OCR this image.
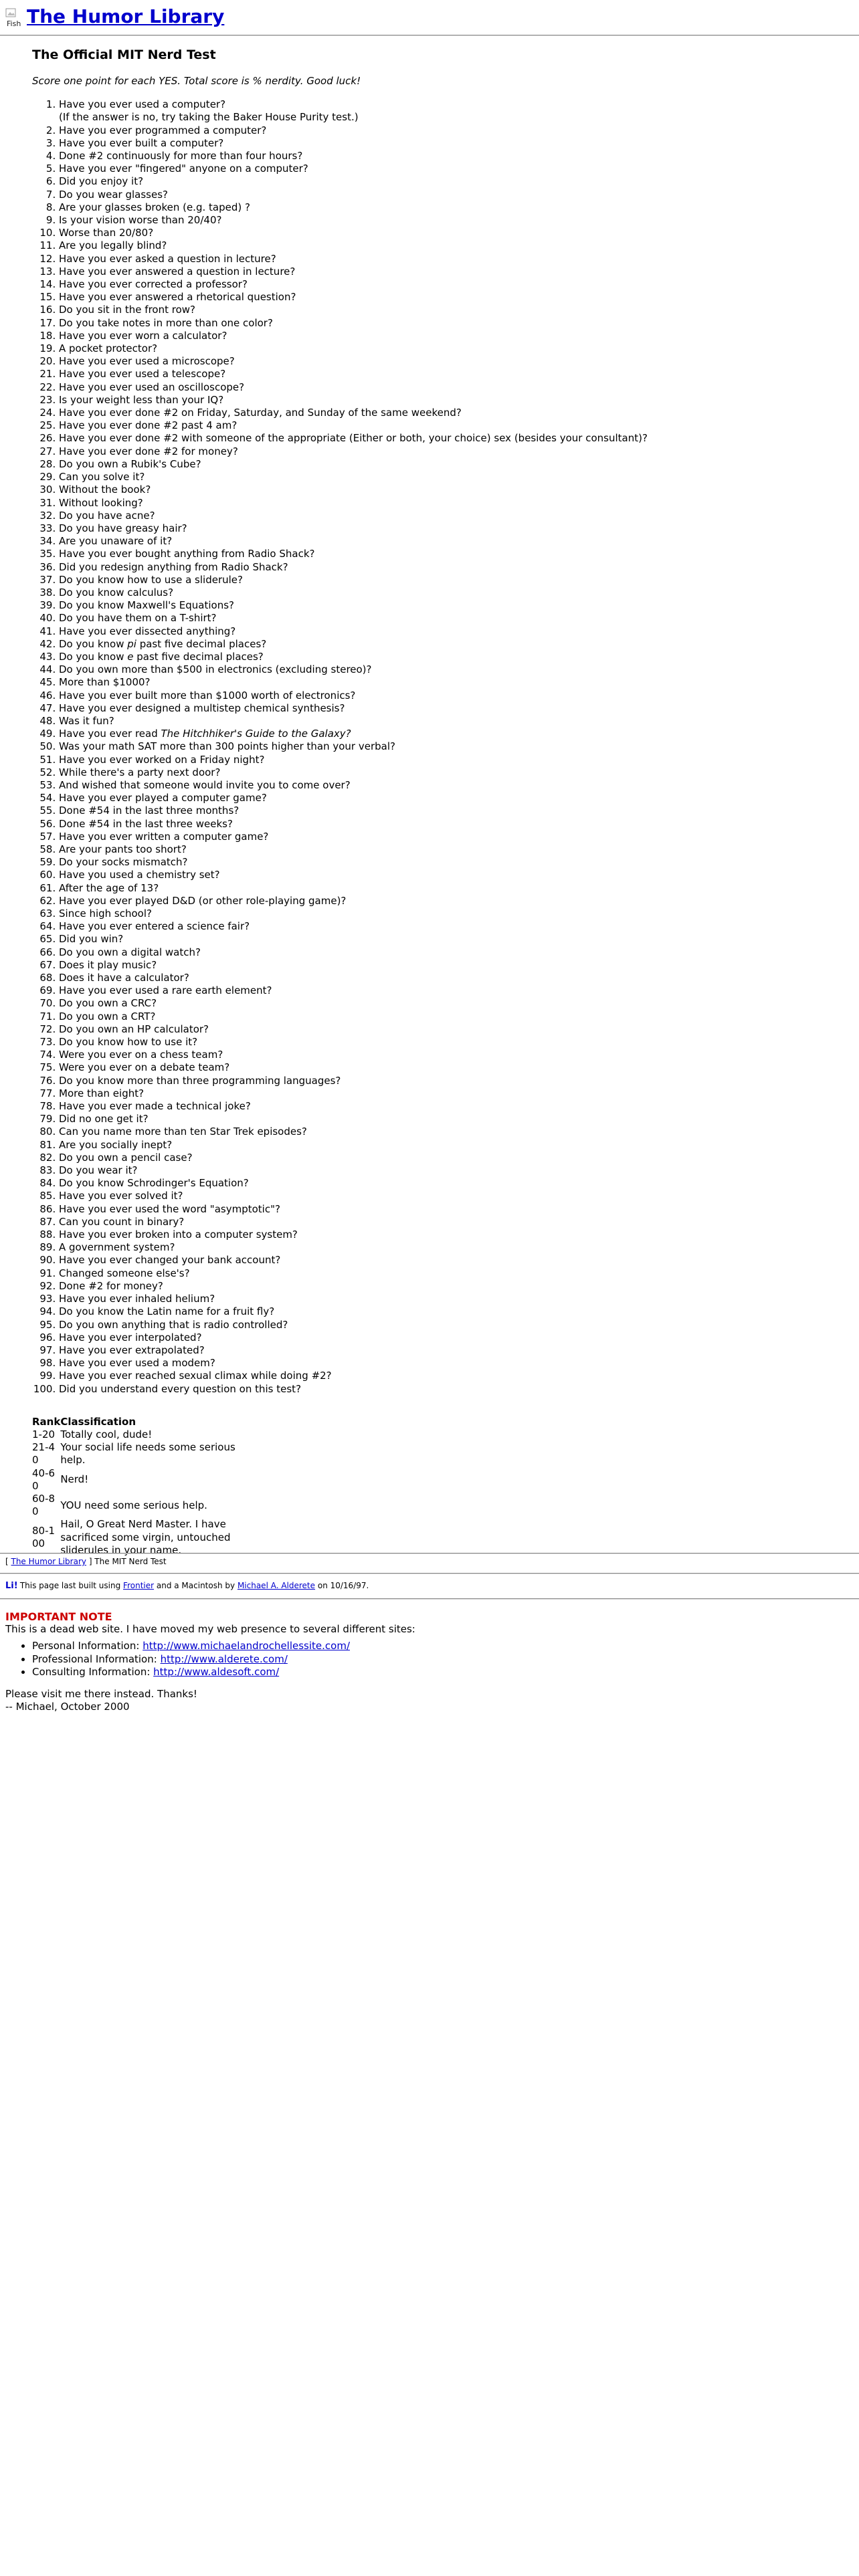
Fish The Humor Library
The Official MIT Nerd Test

Score one point for each YES. Total score is % nerdity. Good luck!

1. Have you ever used a computer?
(If the answer is no, try taking the Baker House Purity test.)
2. Have you ever programmed a computer?
3. Have you ever built a computer?
4. Done #2 continuously for more than four hours?
5. Have you ever "fingered" anyone on a computer?
6. Did you enjoy it?
7. Do you wear glasses?
8. Are your glasses broken (e.g. taped) ?
9. Is your vision worse than 20/40?
10. Worse than 20/80?
11. Are you legally blind?
12. Have you ever asked a question in lecture?
13. Have you ever answered a question in lecture?
14. Have you ever corrected a professor?
15. Have you ever answered a rhetorical question?
16. Do you sit in the front row?
17. Do you take notes in more than one color?
18. Have you ever worn a calculator?
19. A pocket protector?
20. Have you ever used a microscope?
21. Have you ever used a telescope?
22. Have you ever used an oscilloscope?
23. Is your weight less than your IQ?
24. Have you ever done #2 on Friday, Saturday, and Sunday of the same weekend?
25. Have you ever done #2 past 4 am?
26. Have you ever done #2 with someone of the appropriate (Either or both, your choice) sex (besides your consultant)?
27. Have you ever done #2 for money?
28. Do you own a Rubik's Cube?
29. Can you solve it?
30. Without the book?
31. Without looking?
32. Do you have acne?
33. Do you have greasy hair?
34. Are you unaware of it?
35. Have you ever bought anything from Radio Shack?
36. Did you redesign anything from Radio Shack?
37. Do you know how to use a sliderule?
38. Do you know calculus?
39. Do you know Maxwell's Equations?
40. Do you have them on a T-shirt?
41. Have you ever dissected anything?
42. Do you know pi past five decimal places?
43. Do you know e past five decimal places?
44. Do you own more than $500 in electronics (excluding stereo)?
45. More than $1000?
46. Have you ever built more than $1000 worth of electronics?
47. Have you ever designed a multistep chemical synthesis?
48. Was it fun?
49. Have you ever read The Hitchhiker's Guide to the Galaxy?
50. Was your math SAT more than 300 points higher than your verbal?
51. Have you ever worked on a Friday night?
52. While there's a party next door?
53. And wished that someone would invite you to come over?
54. Have you ever played a computer game?
55. Done #54 in the last three months?
56. Done #54 in the last three weeks?
57. Have you ever written a computer game?
58. Are your pants too short?
59. Do your socks mismatch?
60. Have you used a chemistry set?
61. After the age of 13?
62. Have you ever played D&D (or other role-playing game)?
63. Since high school?
64. Have you ever entered a science fair?
65. Did you win?
66. Do you own a digital watch?
67. Does it play music?
68. Does it have a calculator?
69. Have you ever used a rare earth element?
70. Do you own a CRC?
71. Do you own a CRT?
72. Do you own an HP calculator?
73. Do you know how to use it?
74. Were you ever on a chess team?
75. Were you ever on a debate team?
76. Do you know more than three programming languages?
77. More than eight?
78. Have you ever made a technical joke?
79. Did no one get it?
80. Can you name more than ten Star Trek episodes?
81. Are you socially inept?
82. Do you own a pencil case?
83. Do you wear it?
84. Do you know Schrodinger's Equation?
85. Have you ever solved it?
86. Have you ever used the word "asymptotic"?
87. Can you count in binary?
88. Have you ever broken into a computer system?
89. A government system?
90. Have you ever changed your bank account?
91. Changed someone else's?
92. Done #2 for money?
93. Have you ever inhaled helium?
94. Do you know the Latin name for a fruit fly?
95. Do you own anything that is radio controlled?
96. Have you ever interpolated?
97. Have you ever extrapolated?
98. Have you ever used a modem?
99. Have you ever reached sexual climax while doing #2?
100. Did you understand every question on this test?
Rank	Classification
1-20	Totally cool, dude!
21-40	Your social life needs some serious help.
40-60	Nerd!
60-80	YOU need some serious help.
80-100	Hail, O Great Nerd Master. I have sacrificed some virgin, untouched sliderules in your name.
[ The Humor Library ] The MIT Nerd Test
Li! This page last built using Frontier and a Macintosh by Michael A. Alderete on 10/16/97.
IMPORTANT NOTE
This is a dead web site. I have moved my web presence to several different sites:
• Personal Information: http://www.michaelandrochellessite.com/
• Professional Information: http://www.alderete.com/
• Consulting Information: http://www.aldesoft.com/
Please visit me there instead. Thanks!
-- Michael, October 2000
